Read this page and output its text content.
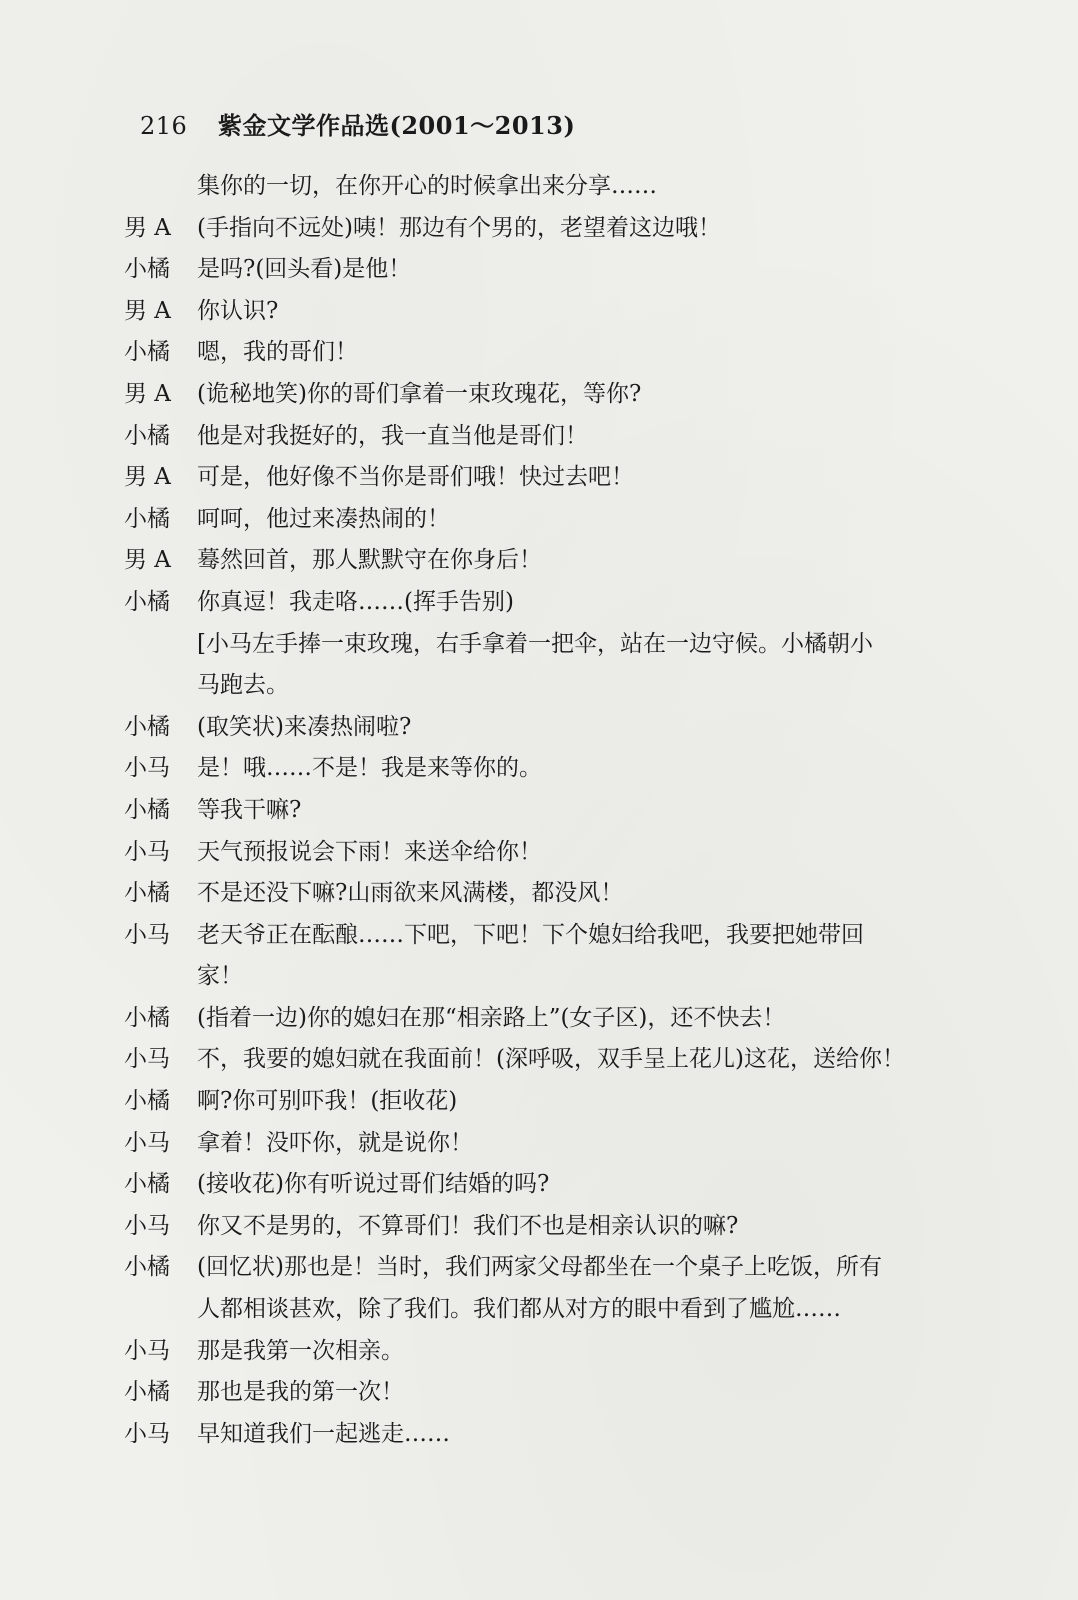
216 紫金文学作品选(2001～2013)
集你的一切，在你开心的时候拿出来分享……
男 A (手指向不远处)咦！那边有个男的，老望着这边哦！
小橘 是吗?(回头看)是他！
男 A 你认识?
小橘 嗯，我的哥们！
男 A (诡秘地笑)你的哥们拿着一束玫瑰花，等你?
小橘 他是对我挺好的，我一直当他是哥们！
男 A 可是，他好像不当你是哥们哦！快过去吧！
小橘 呵呵，他过来凑热闹的！
男 A 蓦然回首，那人默默守在你身后！
小橘 你真逗！我走咯……(挥手告别)
[小马左手捧一束玫瑰，右手拿着一把伞，站在一边守候。小橘朝小
马跑去。
小橘 (取笑状)来凑热闹啦?
小马 是！哦……不是！我是来等你的。
小橘 等我干嘛?
小马 天气预报说会下雨！来送伞给你！
小橘 不是还没下嘛?山雨欲来风满楼，都没风！
小马 老天爷正在酝酿……下吧，下吧！下个媳妇给我吧，我要把她带回
家！
小橘 (指着一边)你的媳妇在那“相亲路上”(女子区)，还不快去！
小马 不，我要的媳妇就在我面前！(深呼吸，双手呈上花儿)这花，送给你！
小橘 啊?你可别吓我！(拒收花)
小马 拿着！没吓你，就是说你！
小橘 (接收花)你有听说过哥们结婚的吗?
小马 你又不是男的，不算哥们！我们不也是相亲认识的嘛?
小橘 (回忆状)那也是！当时，我们两家父母都坐在一个桌子上吃饭，所有
人都相谈甚欢，除了我们。我们都从对方的眼中看到了尴尬……
小马 那是我第一次相亲。
小橘 那也是我的第一次！
小马 早知道我们一起逃走……
